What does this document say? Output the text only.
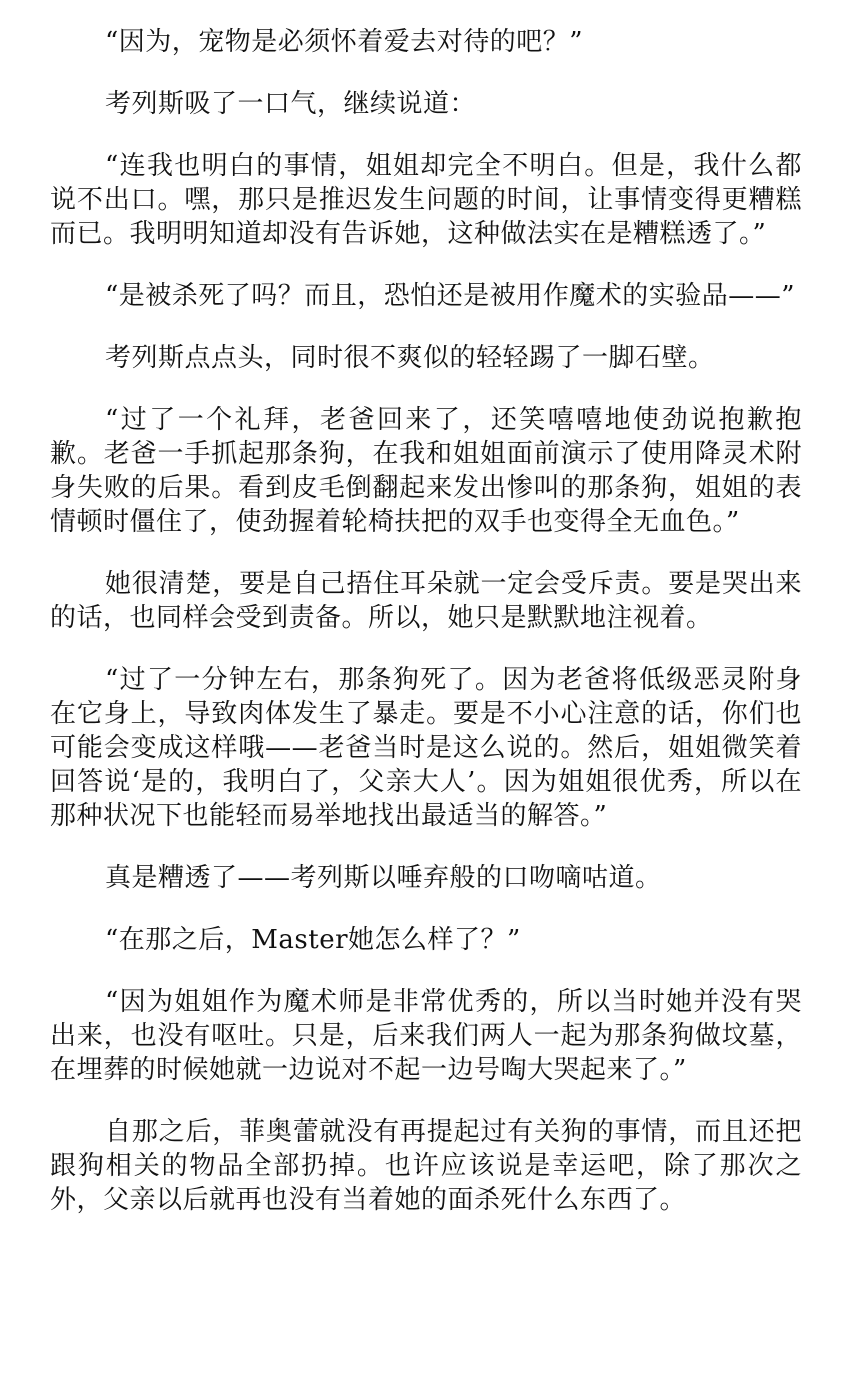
“因为，宠物是必须怀着爱去对待的吧？”

考列斯吸了一口气，继续说道：

“连我也明白的事情，姐姐却完全不明白。但是，我什么都说不出口。嘿，那只是推迟发生问题的时间，让事情变得更糟糕而已。我明明知道却没有告诉她，这种做法实在是糟糕透了。”

“是被杀死了吗？而且，恐怕还是被用作魔术的实验品——”

考列斯点点头，同时很不爽似的轻轻踢了一脚石壁。

“过了一个礼拜，老爸回来了，还笑嘻嘻地使劲说抱歉抱歉。老爸一手抓起那条狗，在我和姐姐面前演示了使用降灵术附身失败的后果。看到皮毛倒翻起来发出惨叫的那条狗，姐姐的表情顿时僵住了，使劲握着轮椅扶把的双手也变得全无血色。”

她很清楚，要是自己捂住耳朵就一定会受斥责。要是哭出来的话，也同样会受到责备。所以，她只是默默地注视着。

“过了一分钟左右，那条狗死了。因为老爸将低级恶灵附身在它身上，导致肉体发生了暴走。要是不小心注意的话，你们也可能会变成这样哦——老爸当时是这么说的。然后，姐姐微笑着回答说‘是的，我明白了，父亲大人’。因为姐姐很优秀，所以在那种状况下也能轻而易举地找出最适当的解答。”

真是糟透了——考列斯以唾弃般的口吻嘀咕道。

“在那之后，Master她怎么样了？”

“因为姐姐作为魔术师是非常优秀的，所以当时她并没有哭出来，也没有呕吐。只是，后来我们两人一起为那条狗做坟墓，在埋葬的时候她就一边说对不起一边号啕大哭起来了。”

自那之后，菲奥蕾就没有再提起过有关狗的事情，而且还把跟狗相关的物品全部扔掉。也许应该说是幸运吧，除了那次之外，父亲以后就再也没有当着她的面杀死什么东西了。
